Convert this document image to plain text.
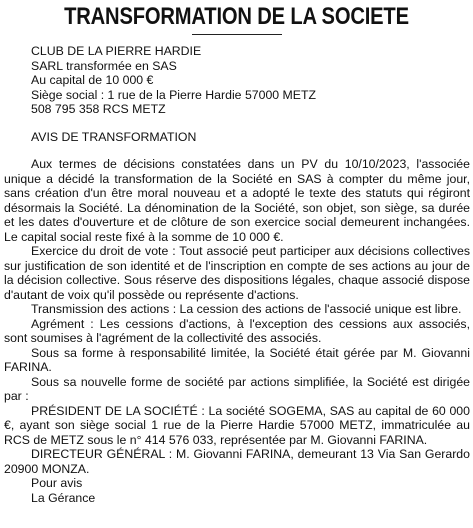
TRANSFORMATION DE LA SOCIETE

CLUB DE LA PIERRE HARDIE

SARL transformée en SAS

Au capital de 10 000 €

Siège social : 1 rue de la Pierre Hardie 57000 METZ

508 795 358 RCS METZ

AVIS DE TRANSFORMATION

Aux termes de décisions constatées dans un PV du 10/10/2023, l'associée unique a décidé la transformation de la Société en SAS à compter du même jour, sans création d'un être moral nouveau et a adopté le texte des statuts qui régiront désormais la Société. La dénomination de la Société, son objet, son siège, sa durée et les dates d'ouverture et de clôture de son exercice social demeurent inchangées. Le capital social reste fixé à la somme de 10 000 €.

Exercice du droit de vote : Tout associé peut participer aux décisions collectives sur justification de son identité et de l'inscription en compte de ses actions au jour de la décision collective. Sous réserve des dispositions légales, chaque associé dispose d'autant de voix qu'il possède ou représente d'actions.

Transmission des actions : La cession des actions de l'associé unique est libre.

Agrément : Les cessions d'actions, à l'exception des cessions aux associés, sont soumises à l'agrément de la collectivité des associés.

Sous sa forme à responsabilité limitée, la Société était gérée par M. Giovanni FARINA.

Sous sa nouvelle forme de société par actions simplifiée, la Société est dirigée par :

PRÉSIDENT DE LA SOCIÉTÉ : La société SOGEMA, SAS au capital de 60 000 €, ayant son siège social 1 rue de la Pierre Hardie 57000 METZ, immatriculée au RCS de METZ sous le n° 414 576 033, représentée par M. Giovanni FARINA.

DIRECTEUR GÉNÉRAL : M. Giovanni FARINA, demeurant 13 Via San Gerardo 20900 MONZA.

Pour avis

La Gérance
